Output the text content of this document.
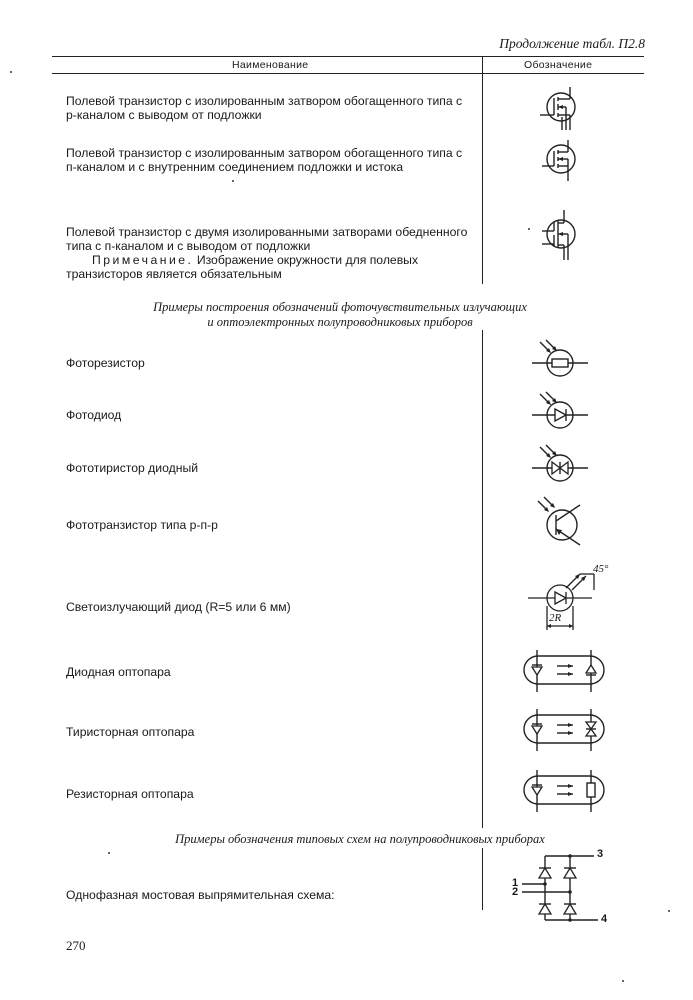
Продолжение табл. П2.8
Наименование	Обозначение
Полевой транзистор с изолированным затвором обогащенного типа с р-каналом с выводом от подложки
Полевой транзистор с изолированным затвором обогащенного типа с п-каналом и с внутренним соединением подложки и истока
Полевой транзистор с двумя изолированными затворами обедненного типа с п-каналом и с выводом от подложки
Примечание. Изображение окружности для полевых транзисторов является обязательным
Примеры построения обозначений фоточувствительных излучающих
и оптоэлектронных полупроводниковых приборов
Фоторезистор
Фотодиод
Фототиристор диодный
Фототранзистор типа р-п-р
Светоизлучающий диод (R=5 или 6 мм)
Диодная оптопара
Тиристорная оптопара
Резисторная оптопара
45°
2R
Примеры обозначения типовых схем на полупроводниковых приборах
Однофазная мостовая выпрямительная схема:
3
1
2
4
270
